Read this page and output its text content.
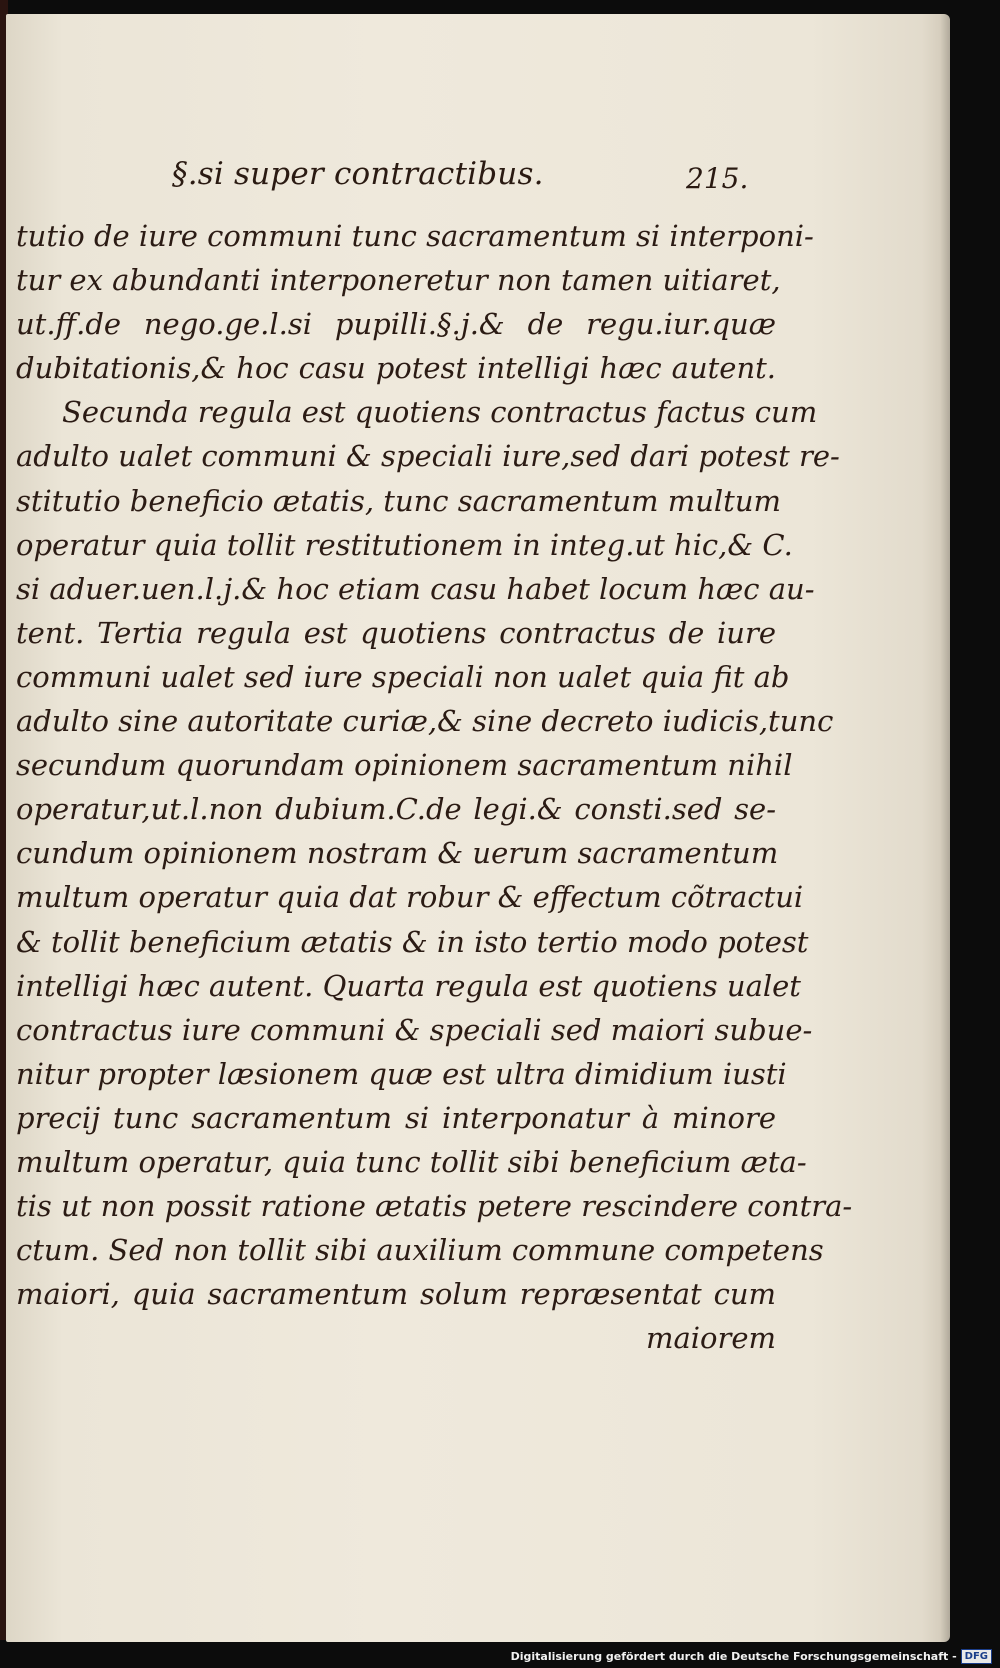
§.si super contractibus.	215.
tutio de iure communi tunc sacramentum si interponi-
tur ex abundanti interponeretur non tamen uitiaret,
ut.ff.de nego.ge.l.si pupilli.§.j.& de regu.iur.quæ
dubitationis,& hoc casu potest intelligi hæc autent.
Secunda regula est quotiens contractus factus cum
adulto ualet communi & speciali iure,sed dari potest re-
stitutio beneficio ætatis, tunc sacramentum multum
operatur quia tollit restitutionem in integ.ut hic,& C.
si aduer.uen.l.j.& hoc etiam casu habet locum hæc au-
tent. Tertia regula est quotiens contractus de iure
communi ualet sed iure speciali non ualet quia fit ab
adulto sine autoritate curiæ,& sine decreto iudicis,tunc
secundum quorundam opinionem sacramentum nihil
operatur,ut.l.non dubium.C.de legi.& consti.sed se-
cundum opinionem nostram & uerum sacramentum
multum operatur quia dat robur & effectum cõtractui
& tollit beneficium ætatis & in isto tertio modo potest
intelligi hæc autent. Quarta regula est quotiens ualet
contractus iure communi & speciali sed maiori subue-
nitur propter læsionem quæ est ultra dimidium iusti
precij tunc sacramentum si interponatur à minore
multum operatur, quia tunc tollit sibi beneficium æta-
tis ut non possit ratione ætatis petere rescindere contra-
ctum. Sed non tollit sibi auxilium commune competens
maiori, quia sacramentum solum repræsentat cum
maiorem
Digitalisierung gefördert durch die Deutsche Forschungsgemeinschaft - DFG
